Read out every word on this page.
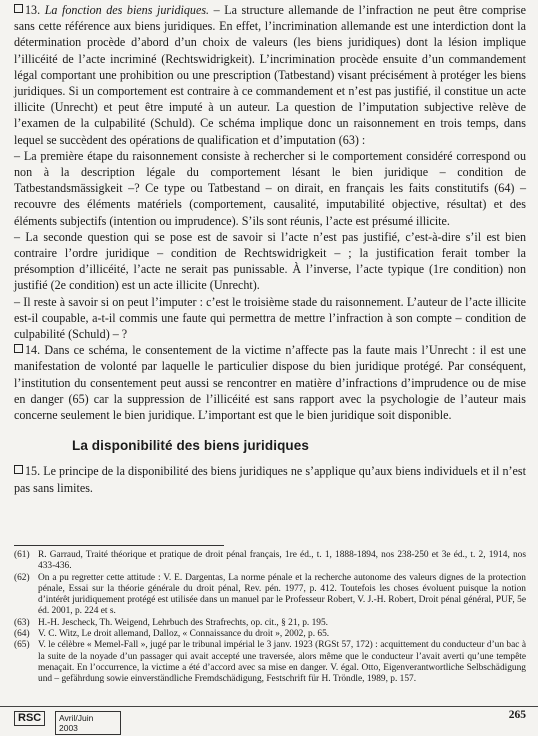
13. La fonction des biens juridiques. – La structure allemande de l’infraction ne peut être comprise sans cette référence aux biens juridiques. En effet, l’incrimination allemande est une interdiction dont la détermination procède d’abord d’un choix de valeurs (les biens juridiques) dont la lésion implique l’illicéité de l’acte incriminé (Rechtswidrigkeit). L’incrimination procède ensuite d’un commandement légal comportant une prohibition ou une prescription (Tatbestand) visant précisément à protéger les biens juridiques. Si un comportement est contraire à ce commandement et n’est pas justifié, il constitue un acte illicite (Unrecht) et peut être imputé à un auteur. La question de l’imputation subjective relève de l’examen de la culpabilité (Schuld). Ce schéma implique donc un raisonnement en trois temps, dans lequel se succèdent des opérations de qualification et d’imputation (63) :

– La première étape du raisonnement consiste à rechercher si le comportement considéré correspond ou non à la description légale du comportement lésant le bien juridique – condition de Tatbestandsmässigkeit –? Ce type ou Tatbestand – on dirait, en français les faits constitutifs (64) – recouvre des éléments matériels (comportement, causalité, imputabilité objective, résultat) et des éléments subjectifs (intention ou imprudence). S’ils sont réunis, l’acte est présumé illicite.

– La seconde question qui se pose est de savoir si l’acte n’est pas justifié, c’est-à-dire s’il est bien contraire l’ordre juridique – condition de Rechtswidrigkeit – ; la justification ferait tomber la présomption d’illicéité, l’acte ne serait pas punissable. À l’inverse, l’acte typique (1re condition) non justifié (2e condition) est un acte illicite (Unrecht).

– Il reste à savoir si on peut l’imputer : c’est le troisième stade du raisonnement. L’auteur de l’acte illicite est-il coupable, a-t-il commis une faute qui permettra de mettre l’infraction à son compte – condition de culpabilité (Schuld) – ?

14. Dans ce schéma, le consentement de la victime n’affecte pas la faute mais l’Unrecht : il est une manifestation de volonté par laquelle le particulier dispose du bien juridique protégé. Par conséquent, l’institution du consentement peut aussi se rencontrer en matière d’infractions d’imprudence ou de mise en danger (65) car la suppression de l’illicéité est sans rapport avec la psychologie de l’auteur mais concerne seulement le bien juridique. L’important est que le bien juridique soit disponible.

La disponibilité des biens juridiques

15. Le principe de la disponibilité des biens juridiques ne s’applique qu’aux biens individuels et il n’est pas sans limites.

(61) R. Garraud, Traité théorique et pratique de droit pénal français, 1re éd., t. 1, 1888-1894, nos 238-250 et 3e éd., t. 2, 1914, nos 433-436.
(62) On a pu regretter cette attitude : V. E. Dargentas, La norme pénale et la recherche autonome des valeurs dignes de la protection pénale, Essai sur la théorie générale du droit pénal, Rev. pén. 1977, p. 412. Toutefois les choses évoluent puisque la notion d’intérêt juridiquement protégé est utilisée dans un manuel par le Professeur Robert, V. J.-H. Robert, Droit pénal général, PUF, 5e éd. 2001, p. 224 et s.
(63) H.-H. Jescheck, Th. Weigend, Lehrbuch des Strafrechts, op. cit., § 21, p. 195.
(64) V. C. Witz, Le droit allemand, Dalloz, « Connaissance du droit », 2002, p. 65.
(65) V. le célèbre « Memel-Fall », jugé par le tribunal impérial le 3 janv. 1923 (RGSt 57, 172) : acquittement du conducteur d’un bac à la suite de la noyade d’un passager qui avait accepté une traversée, alors même que le conducteur l’avait averti qu’une tempête menaçait. En l’occurrence, la victime a été d’accord avec sa mise en danger. V. égal. Otto, Eigenverantwortliche Selbschädigung und – gefährdung sowie einverständliche Fremdschädigung, Festschrift für H. Tröndle, 1989, p. 157.
RSC	Avril/Juin 2003
265
